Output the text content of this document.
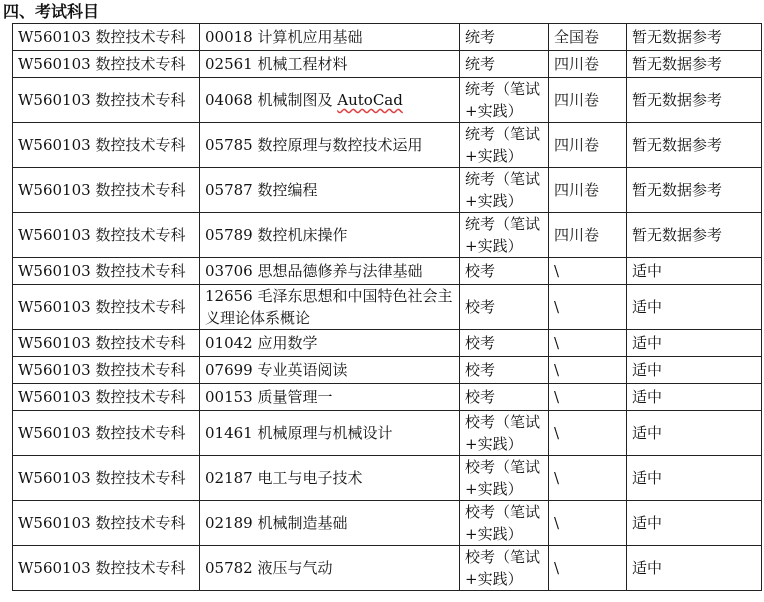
四、考试科目
W560103 数控技术专科	00018 计算机应用基础	统考	全国卷	暂无数据参考
W560103 数控技术专科	02561 机械工程材料	统考	四川卷	暂无数据参考
W560103 数控技术专科	04068 机械制图及 AutoCad	统考（笔试+实践）	四川卷	暂无数据参考
W560103 数控技术专科	05785 数控原理与数控技术运用	统考（笔试+实践）	四川卷	暂无数据参考
W560103 数控技术专科	05787 数控编程	统考（笔试+实践）	四川卷	暂无数据参考
W560103 数控技术专科	05789 数控机床操作	统考（笔试+实践）	四川卷	暂无数据参考
W560103 数控技术专科	03706 思想品德修养与法律基础	校考	\	适中
W560103 数控技术专科	12656 毛泽东思想和中国特色社会主义理论体系概论	校考	\	适中
W560103 数控技术专科	01042 应用数学	校考	\	适中
W560103 数控技术专科	07699 专业英语阅读	校考	\	适中
W560103 数控技术专科	00153 质量管理一	校考	\	适中
W560103 数控技术专科	01461 机械原理与机械设计	校考（笔试+实践）	\	适中
W560103 数控技术专科	02187 电工与电子技术	校考（笔试+实践）	\	适中
W560103 数控技术专科	02189 机械制造基础	校考（笔试+实践）	\	适中
W560103 数控技术专科	05782 液压与气动	校考（笔试+实践）	\	适中
